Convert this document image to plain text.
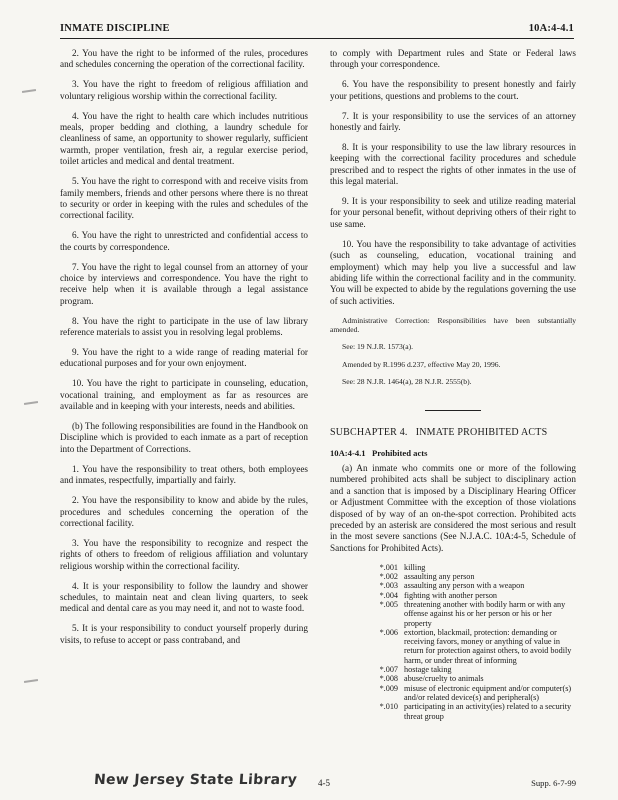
INMATE DISCIPLINE	10A:4-4.1

2. You have the right to be informed of the rules, procedures and schedules concerning the operation of the correctional facility.

3. You have the right to freedom of religious affiliation and voluntary religious worship within the correctional facility.

4. You have the right to health care which includes nutritious meals, proper bedding and clothing, a laundry schedule for cleanliness of same, an opportunity to shower regularly, sufficient warmth, proper ventilation, fresh air, a regular exercise period, toilet articles and medical and dental treatment.

5. You have the right to correspond with and receive visits from family members, friends and other persons where there is no threat to security or order in keeping with the rules and schedules of the correctional facility.

6. You have the right to unrestricted and confidential access to the courts by correspondence.

7. You have the right to legal counsel from an attorney of your choice by interviews and correspondence. You have the right to receive help when it is available through a legal assistance program.

8. You have the right to participate in the use of law library reference materials to assist you in resolving legal problems.

9. You have the right to a wide range of reading material for educational purposes and for your own enjoyment.

10. You have the right to participate in counseling, education, vocational training, and employment as far as resources are available and in keeping with your interests, needs and abilities.

(b) The following responsibilities are found in the Handbook on Discipline which is provided to each inmate as a part of reception into the Department of Corrections.

1. You have the responsibility to treat others, both employees and inmates, respectfully, impartially and fairly.

2. You have the responsibility to know and abide by the rules, procedures and schedules concerning the operation of the correctional facility.

3. You have the responsibility to recognize and respect the rights of others to freedom of religious affiliation and voluntary religious worship within the correctional facility.

4. It is your responsibility to follow the laundry and shower schedules, to maintain neat and clean living quarters, to seek medical and dental care as you may need it, and not to waste food.

5. It is your responsibility to conduct yourself properly during visits, to refuse to accept or pass contraband, and

to comply with Department rules and State or Federal laws through your correspondence.

6. You have the responsibility to present honestly and fairly your petitions, questions and problems to the court.

7. It is your responsibility to use the services of an attorney honestly and fairly.

8. It is your responsibility to use the law library resources in keeping with the correctional facility procedures and schedule prescribed and to respect the rights of other inmates in the use of this legal material.

9. It is your responsibility to seek and utilize reading material for your personal benefit, without depriving others of their right to use same.

10. You have the responsibility to take advantage of activities (such as counseling, education, vocational training and employment) which may help you live a successful and law abiding life within the correctional facility and in the community. You will be expected to abide by the regulations governing the use of such activities.

Administrative Correction: Responsibilities have been substantially amended.

See: 19 N.J.R. 1573(a).

Amended by R.1996 d.237, effective May 20, 1996.

See: 28 N.J.R. 1464(a), 28 N.J.R. 2555(b).

SUBCHAPTER 4.   INMATE PROHIBITED ACTS
10A:4-4.1   Prohibited acts

(a) An inmate who commits one or more of the following numbered prohibited acts shall be subject to disciplinary action and a sanction that is imposed by a Disciplinary Hearing Officer or Adjustment Committee with the exception of those violations disposed of by way of an on-the-spot correction. Prohibited acts preceded by an asterisk are considered the most serious and result in the most severe sanctions (See N.J.A.C. 10A:4-5, Schedule of Sanctions for Prohibited Acts).

*.001 killing
*.002 assaulting any person
*.003 assaulting any person with a weapon
*.004 fighting with another person
*.005 threatening another with bodily harm or with any offense against his or her person or his or her property
*.006 extortion, blackmail, protection: demanding or receiving favors, money or anything of value in return for protection against others, to avoid bodily harm, or under threat of informing
*.007 hostage taking
*.008 abuse/cruelty to animals
*.009 misuse of electronic equipment and/or computer(s) and/or related device(s) and peripheral(s)
*.010 participating in an activity(ies) related to a security threat group
New Jersey State Library 4-5	Supp. 6-7-99
